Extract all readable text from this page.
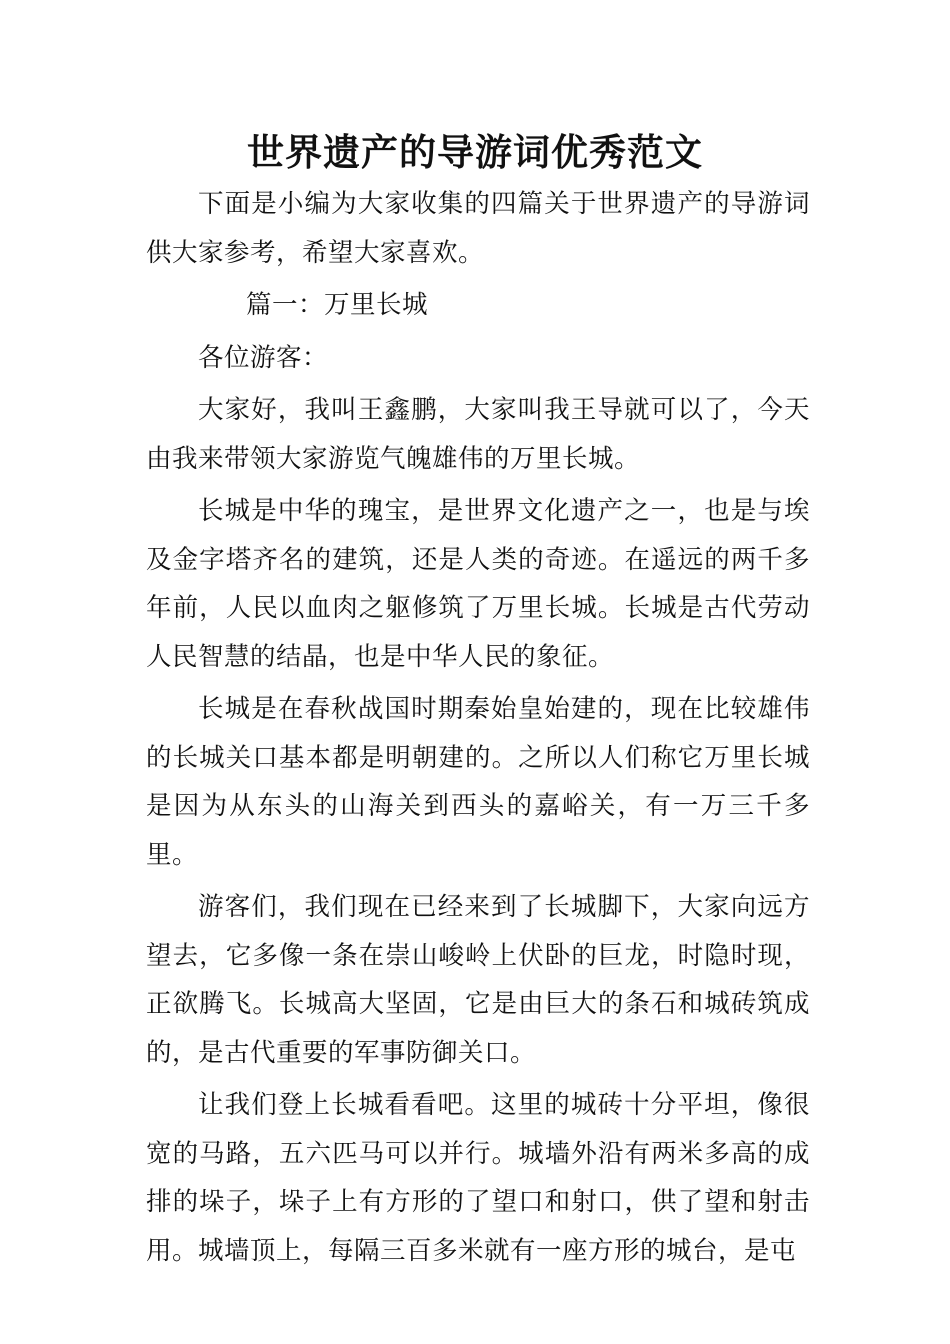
世界遗产的导游词优秀范文

下面是小编为大家收集的四篇关于世界遗产的导游词供大家参考，希望大家喜欢。

篇一：万里长城

各位游客：

大家好，我叫王鑫鹏，大家叫我王导就可以了，今天由我来带领大家游览气魄雄伟的万里长城。

长城是中华的瑰宝，是世界文化遗产之一，也是与埃及金字塔齐名的建筑，还是人类的奇迹。在遥远的两千多年前，人民以血肉之躯修筑了万里长城。长城是古代劳动人民智慧的结晶，也是中华人民的象征。

长城是在春秋战国时期秦始皇始建的，现在比较雄伟的长城关口基本都是明朝建的。之所以人们称它万里长城是因为从东头的山海关到西头的嘉峪关，有一万三千多里。

游客们，我们现在已经来到了长城脚下，大家向远方望去，它多像一条在崇山峻岭上伏卧的巨龙，时隐时现，正欲腾飞。长城高大坚固，它是由巨大的条石和城砖筑成的，是古代重要的军事防御关口。

让我们登上长城看看吧。这里的城砖十分平坦，像很宽的马路，五六匹马可以并行。城墙外沿有两米多高的成排的垛子，垛子上有方形的了望口和射口，供了望和射击用。城墙顶上，每隔三百多米就有一座方形的城台，是屯
